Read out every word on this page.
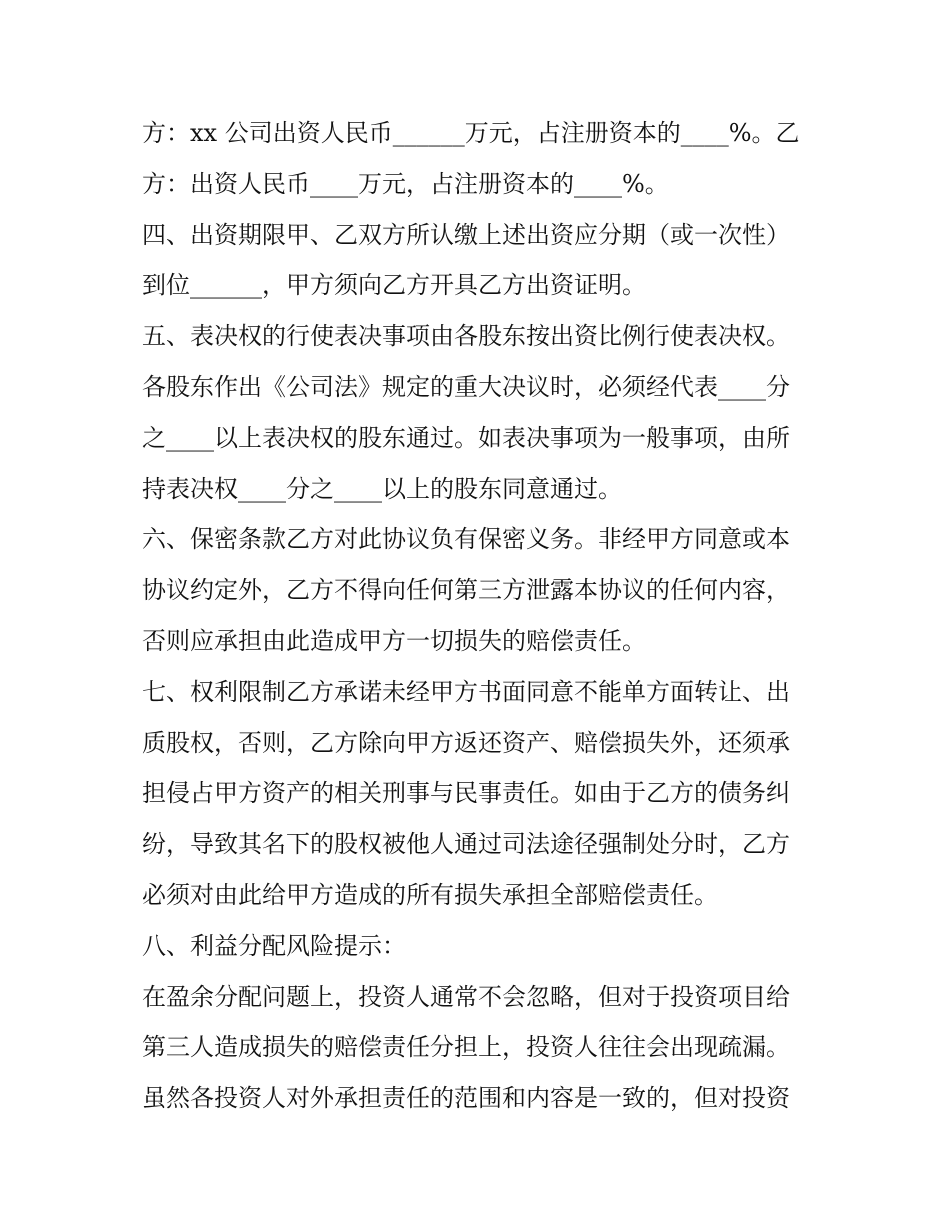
方：xx 公司出资人民币______万元，占注册资本的____%。乙
方：出资人民币____万元，占注册资本的____%。
四、出资期限甲、乙双方所认缴上述出资应分期（或一次性）
到位______，甲方须向乙方开具乙方出资证明。
五、表决权的行使表决事项由各股东按出资比例行使表决权。
各股东作出《公司法》规定的重大决议时，必须经代表____分
之____以上表决权的股东通过。如表决事项为一般事项，由所
持表决权____分之____以上的股东同意通过。
六、保密条款乙方对此协议负有保密义务。非经甲方同意或本
协议约定外，乙方不得向任何第三方泄露本协议的任何内容，
否则应承担由此造成甲方一切损失的赔偿责任。
七、权利限制乙方承诺未经甲方书面同意不能单方面转让、出
质股权，否则，乙方除向甲方返还资产、赔偿损失外，还须承
担侵占甲方资产的相关刑事与民事责任。如由于乙方的债务纠
纷，导致其名下的股权被他人通过司法途径强制处分时，乙方
必须对由此给甲方造成的所有损失承担全部赔偿责任。
八、利益分配风险提示：
在盈余分配问题上，投资人通常不会忽略，但对于投资项目给
第三人造成损失的赔偿责任分担上，投资人往往会出现疏漏。
虽然各投资人对外承担责任的范围和内容是一致的，但对投资
